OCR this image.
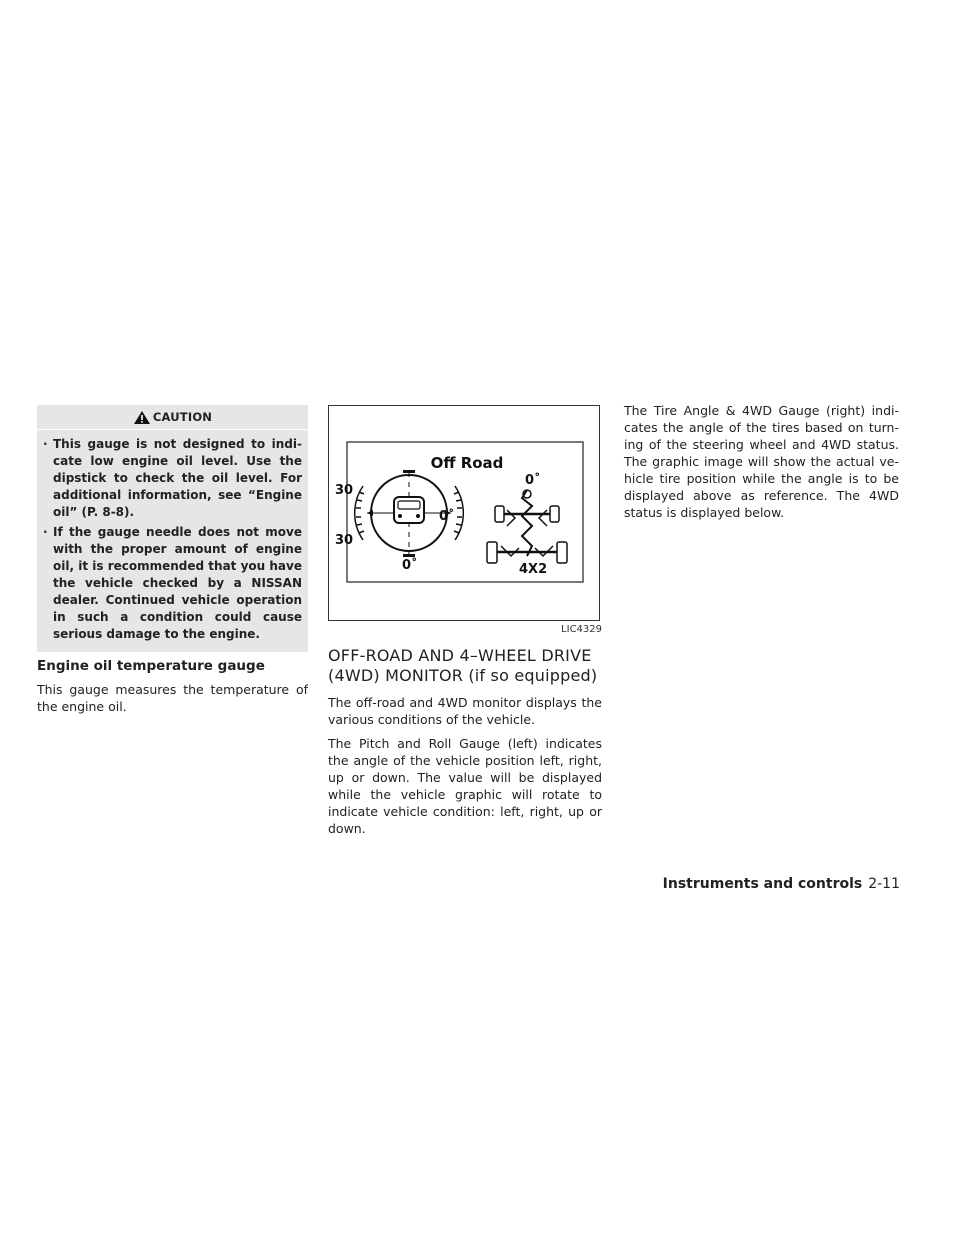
CAUTION
· This gauge is not designed to indicate low engine oil level. Use the dipstick to check the oil level. For additional information, see “Engine oil” (P. 8-8).
· If the gauge needle does not move with the proper amount of engine oil, it is recommended that you have the vehicle checked by a NISSAN dealer. Continued vehicle operation in such a condition could cause serious damage to the engine.
Engine oil temperature gauge

This gauge measures the temperature of the engine oil.

Off Road
30
30
0˚
0˚
0˚
4X2
LIC4329
OFF-ROAD AND 4–WHEEL DRIVE (4WD) MONITOR (if so equipped)

The off-road and 4WD monitor displays the various conditions of the vehicle.

The Pitch and Roll Gauge (left) indicates the angle of the vehicle position left, right, up or down. The value will be displayed while the vehicle graphic will rotate to indicate vehicle condition: left, right, up or down.

The Tire Angle & 4WD Gauge (right) indicates the angle of the tires based on turning of the steering wheel and 4WD status. The graphic image will show the actual vehicle tire position while the angle is to be displayed above as reference. The 4WD status is displayed below.

Instruments and controls 2-11
